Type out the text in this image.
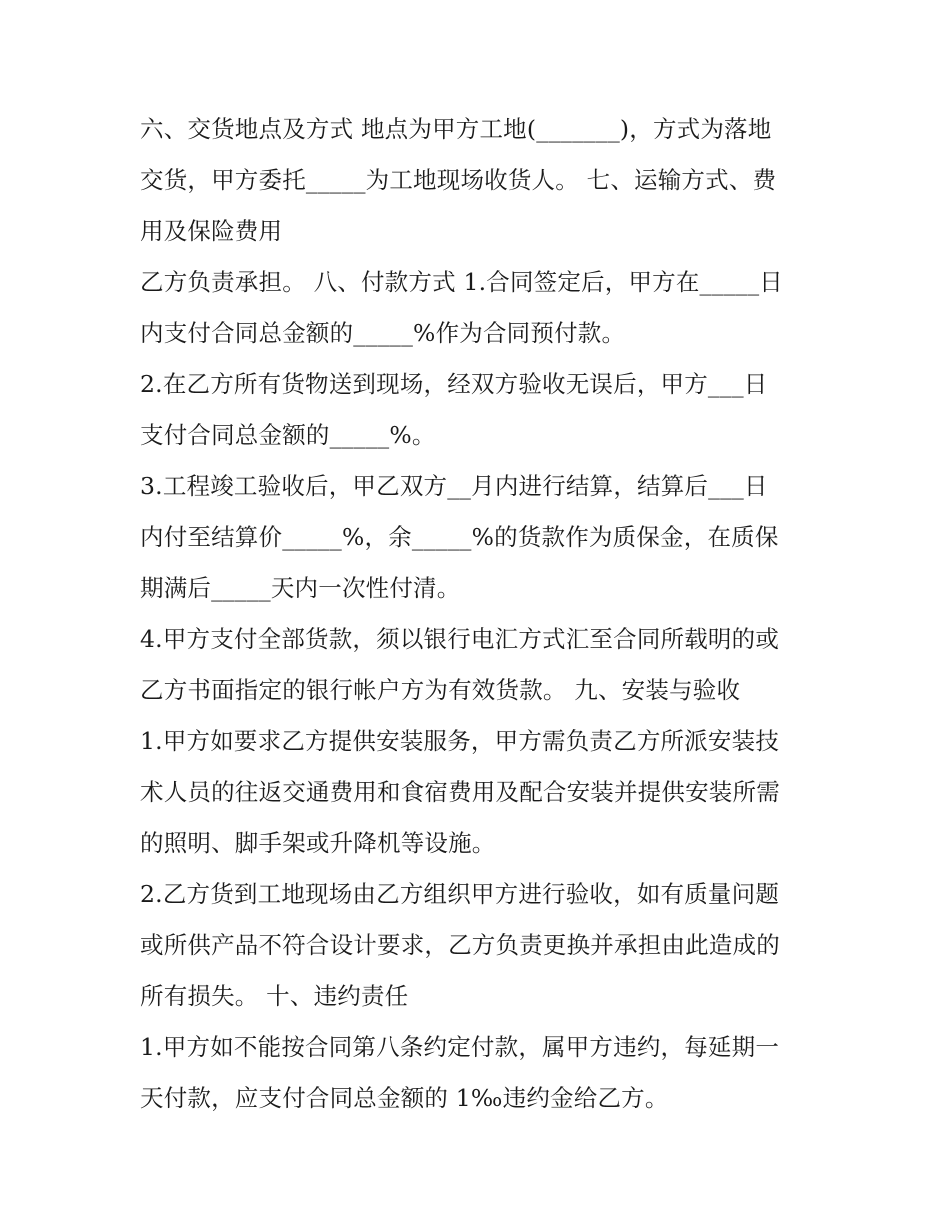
六、交货地点及方式 地点为甲方工地(_______)，方式为落地
交货，甲方委托_____为工地现场收货人。 七、运输方式、费
用及保险费用
乙方负责承担。 八、付款方式 1.合同签定后，甲方在_____日
内支付合同总金额的_____%作为合同预付款。
2.在乙方所有货物送到现场，经双方验收无误后，甲方___日
支付合同总金额的_____%。
3.工程竣工验收后，甲乙双方__月内进行结算，结算后___日
内付至结算价_____%，余_____%的货款作为质保金，在质保
期满后_____天内一次性付清。
4.甲方支付全部货款，须以银行电汇方式汇至合同所载明的或
乙方书面指定的银行帐户方为有效货款。 九、安装与验收
1.甲方如要求乙方提供安装服务，甲方需负责乙方所派安装技
术人员的往返交通费用和食宿费用及配合安装并提供安装所需
的照明、脚手架或升降机等设施。
2.乙方货到工地现场由乙方组织甲方进行验收，如有质量问题
或所供产品不符合设计要求，乙方负责更换并承担由此造成的
所有损失。 十、违约责任
1.甲方如不能按合同第八条约定付款，属甲方违约，每延期一
天付款，应支付合同总金额的 1‰违约金给乙方。
